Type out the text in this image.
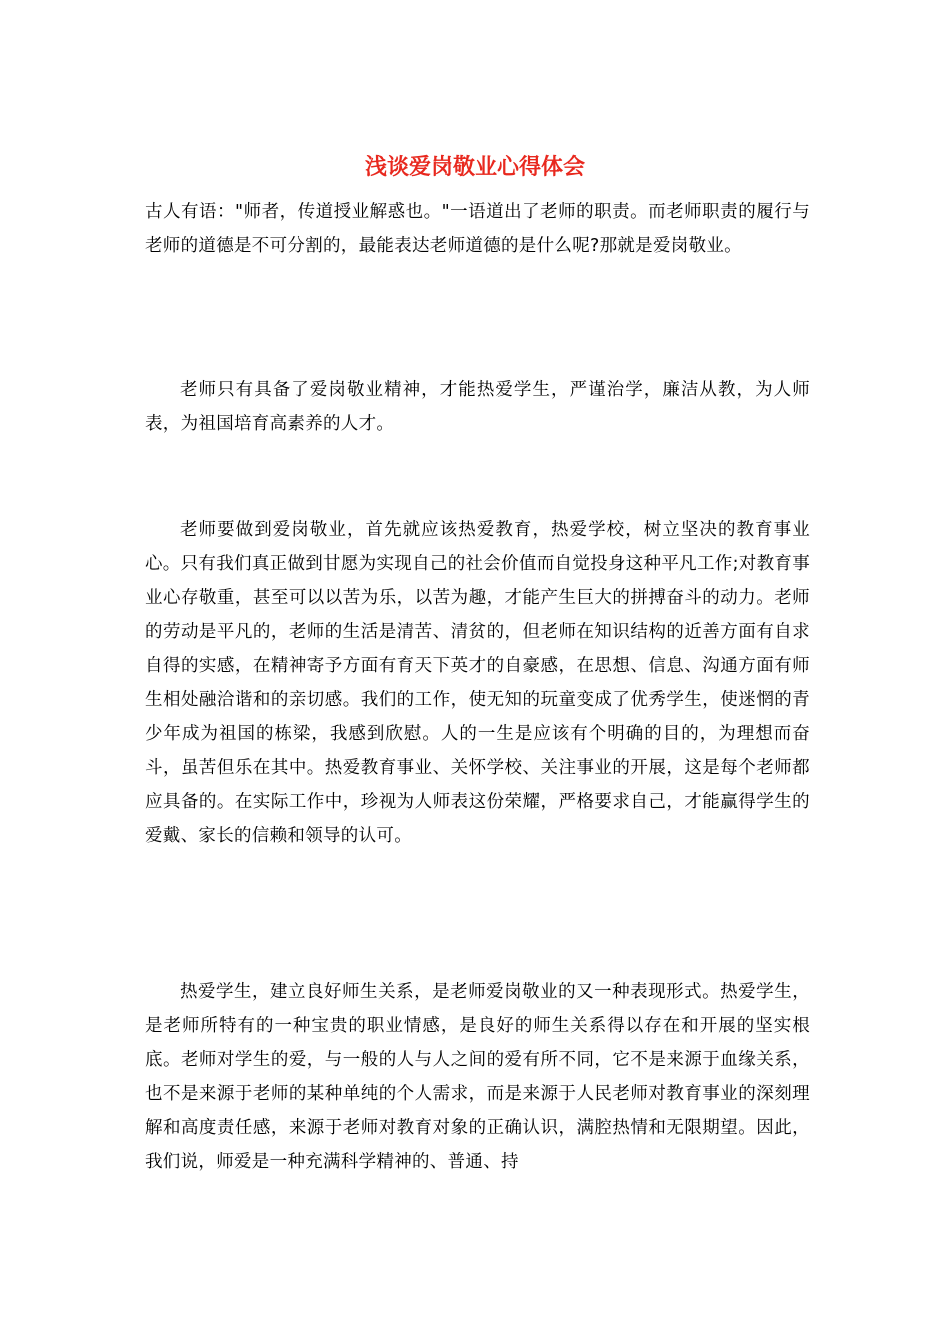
浅谈爱岗敬业心得体会

古人有语："师者，传道授业解惑也。"一语道出了老师的职责。而老师职责的履行与老师的道德是不可分割的，最能表达老师道德的是什么呢?那就是爱岗敬业。

老师只有具备了爱岗敬业精神，才能热爱学生，严谨治学，廉洁从教，为人师表，为祖国培育高素养的人才。

老师要做到爱岗敬业，首先就应该热爱教育，热爱学校，树立坚决的教育事业心。只有我们真正做到甘愿为实现自己的社会价值而自觉投身这种平凡工作;对教育事业心存敬重，甚至可以以苦为乐，以苦为趣，才能产生巨大的拼搏奋斗的动力。老师的劳动是平凡的，老师的生活是清苦、清贫的，但老师在知识结构的近善方面有自求自得的实感，在精神寄予方面有育天下英才的自豪感，在思想、信息、沟通方面有师生相处融洽谐和的亲切感。我们的工作，使无知的玩童变成了优秀学生，使迷惘的青少年成为祖国的栋梁，我感到欣慰。人的一生是应该有个明确的目的，为理想而奋斗，虽苦但乐在其中。热爱教育事业、关怀学校、关注事业的开展，这是每个老师都应具备的。在实际工作中，珍视为人师表这份荣耀，严格要求自己，才能赢得学生的爱戴、家长的信赖和领导的认可。

热爱学生，建立良好师生关系，是老师爱岗敬业的又一种表现形式。热爱学生，是老师所特有的一种宝贵的职业情感，是良好的师生关系得以存在和开展的坚实根底。老师对学生的爱，与一般的人与人之间的爱有所不同，它不是来源于血缘关系，也不是来源于老师的某种单纯的个人需求，而是来源于人民老师对教育事业的深刻理解和高度责任感，来源于老师对教育对象的正确认识，满腔热情和无限期望。因此，我们说，师爱是一种充满科学精神的、普通、持
